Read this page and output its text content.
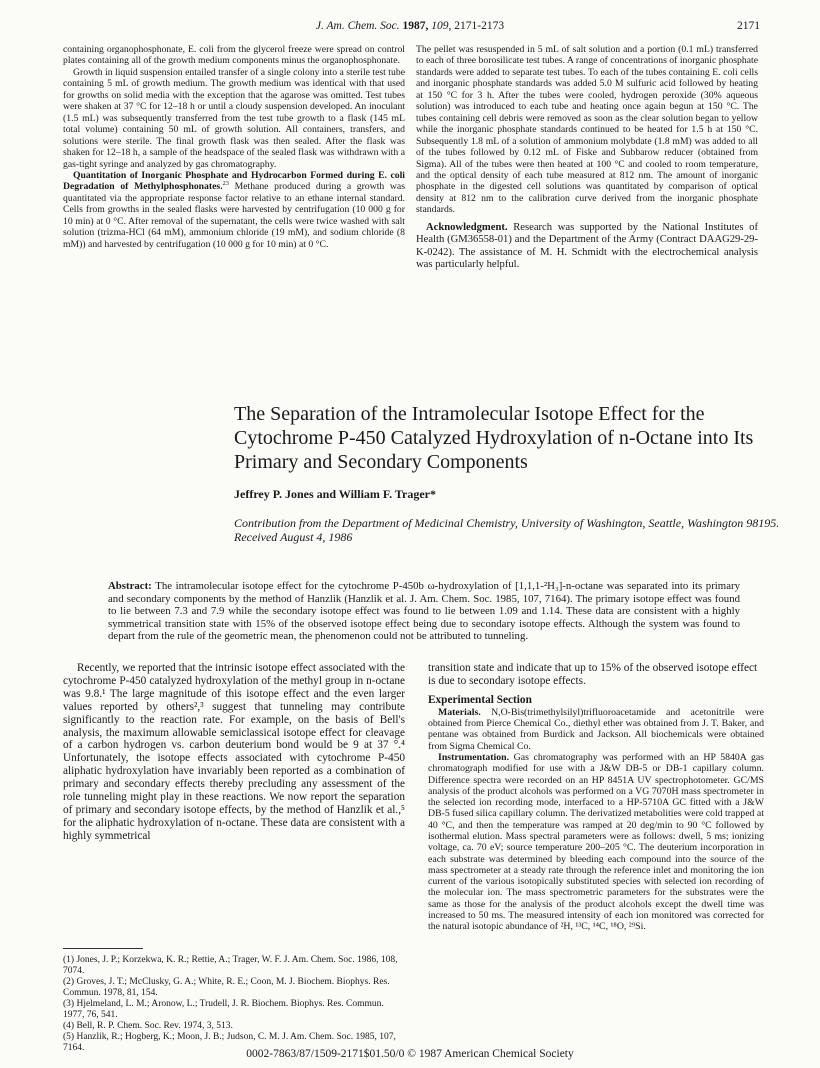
J. Am. Chem. Soc. 1987, 109, 2171-2173	2171

containing organophosphonate, E. coli from the glycerol freeze were spread on control plates containing all of the growth medium components minus the organophosphonate.

Growth in liquid suspension entailed transfer of a single colony into a sterile test tube containing 5 mL of growth medium. The growth medium was identical with that used for growths on solid media with the exception that the agarose was omitted. Test tubes were shaken at 37 °C for 12–18 h or until a cloudy suspension developed. An inoculant (1.5 mL) was subsequently transferred from the test tube growth to a flask (145 mL total volume) containing 50 mL of growth solution. All containers, transfers, and solutions were sterile. The final growth flask was then sealed. After the flask was shaken for 12–18 h, a sample of the headspace of the sealed flask was withdrawn with a gas-tight syringe and analyzed by gas chromatography.

Quantitation of Inorganic Phosphate and Hydrocarbon Formed during E. coli Degradation of Methylphosphonates.$^{23}$ Methane produced during a growth was quantitated via the appropriate response factor relative to an ethane internal standard. Cells from growths in the sealed flasks were harvested by centrifugation (10 000 g for 10 min) at 0 °C. After removal of the supernatant, the cells were twice washed with salt solution (trizma-HCl (64 mM), ammonium chloride (19 mM), and sodium chloride (8 mM)) and harvested by centrifugation (10 000 g for 10 min) at 0 °C.

The pellet was resuspended in 5 mL of salt solution and a portion (0.1 mL) transferred to each of three borosilicate test tubes. A range of concentrations of inorganic phosphate standards were added to separate test tubes. To each of the tubes containing E. coli cells and inorganic phosphate standards was added 5.0 M sulfuric acid followed by heating at 150 °C for 3 h. After the tubes were cooled, hydrogen peroxide (30% aqueous solution) was introduced to each tube and heating once again begun at 150 °C. The tubes containing cell debris were removed as soon as the clear solution began to yellow while the inorganic phosphate standards continued to be heated for 1.5 h at 150 °C. Subsequently 1.8 mL of a solution of ammonium molybdate (1.8 mM) was added to all of the tubes followed by 0.12 mL of Fiske and Subbarow reducer (obtained from Sigma). All of the tubes were then heated at 100 °C and cooled to room temperature, and the optical density of each tube measured at 812 nm. The amount of inorganic phosphate in the digested cell solutions was quantitated by comparison of optical density at 812 nm to the calibration curve derived from the inorganic phosphate standards.

Acknowledgment. Research was supported by the National Institutes of Health (GM36558-01) and the Department of the Army (Contract DAAG29-29-K-0242). The assistance of M. H. Schmidt with the electrochemical analysis was particularly helpful.

The Separation of the Intramolecular Isotope Effect for the Cytochrome P-450 Catalyzed Hydroxylation of n-Octane into Its Primary and Secondary Components
Jeffrey P. Jones and William F. Trager*
Contribution from the Department of Medicinal Chemistry, University of Washington, Seattle, Washington 98195. Received August 4, 1986
Abstract: The intramolecular isotope effect for the cytochrome P-450b ω-hydroxylation of [1,1,1-²H₃]-n-octane was separated into its primary and secondary components by the method of Hanzlik (Hanzlik et al. J. Am. Chem. Soc. 1985, 107, 7164). The primary isotope effect was found to lie between 7.3 and 7.9 while the secondary isotope effect was found to lie between 1.09 and 1.14. These data are consistent with a highly symmetrical transition state with 15% of the observed isotope effect being due to secondary isotope effects. Although the system was found to depart from the rule of the geometric mean, the phenomenon could not be attributed to tunneling.

Recently, we reported that the intrinsic isotope effect associated with the cytochrome P-450 catalyzed hydroxylation of the methyl group in n-octane was 9.8.¹ The large magnitude of this isotope effect and the even larger values reported by others²,³ suggest that tunneling may contribute significantly to the reaction rate. For example, on the basis of Bell's analysis, the maximum allowable semiclassical isotope effect for cleavage of a carbon hydrogen vs. carbon deuterium bond would be 9 at 37 °.⁴ Unfortunately, the isotope effects associated with cytochrome P-450 aliphatic hydroxylation have invariably been reported as a combination of primary and secondary effects thereby precluding any assessment of the role tunneling might play in these reactions. We now report the separation of primary and secondary isotope effects, by the method of Hanzlik et al.,⁵ for the aliphatic hydroxylation of n-octane. These data are consistent with a highly symmetrical

transition state and indicate that up to 15% of the observed isotope effect is due to secondary isotope effects.

Experimental Section

Materials. N,O-Bis(trimethylsilyl)trifluoroacetamide and acetonitrile were obtained from Pierce Chemical Co., diethyl ether was obtained from J. T. Baker, and pentane was obtained from Burdick and Jackson. All biochemicals were obtained from Sigma Chemical Co.

Instrumentation. Gas chromatography was performed with an HP 5840A gas chromatograph modified for use with a J&W DB-5 or DB-1 capillary column. Difference spectra were recorded on an HP 8451A UV spectrophotometer. GC/MS analysis of the product alcohols was performed on a VG 7070H mass spectrometer in the selected ion recording mode, interfaced to a HP-5710A GC fitted with a J&W DB-5 fused silica capillary column. The derivatized metabolities were cold trapped at 40 °C, and then the temperature was ramped at 20 deg/min to 90 °C followed by isothermal elution. Mass spectral parameters were as follows: dwell, 5 ms; ionizing voltage, ca. 70 eV; source temperature 200–205 °C. The deuterium incorporation in each substrate was determined by bleeding each compound into the source of the mass spectrometer at a steady rate through the reference inlet and monitoring the ion current of the various isotopically substituted species with selected ion recording of the molecular ion. The mass spectrometric parameters for the substrates were the same as those for the analysis of the product alcohols except the dwell time was increased to 50 ms. The measured intensity of each ion monitored was corrected for the natural isotopic abundance of ²H, ¹³C, ¹⁴C, ¹⁸O, ²⁹Si.

(1) Jones, J. P.; Korzekwa, K. R.; Rettie, A.; Trager, W. F. J. Am. Chem. Soc. 1986, 108, 7074.
(2) Groves, J. T.; McClusky, G. A.; White, R. E.; Coon, M. J. Biochem. Biophys. Res. Commun. 1978, 81, 154.
(3) Hjelmeland, L. M.; Aronow, L.; Trudell, J. R. Biochem. Biophys. Res. Commun. 1977, 76, 541.
(4) Bell, R. P. Chem. Soc. Rev. 1974, 3, 513.
(5) Hanzlik, R.; Hogberg, K.; Moon, J. B.; Judson, C. M. J. Am. Chem. Soc. 1985, 107, 7164.	0002-7863/87/1509-2171$01.50/0 © 1987 American Chemical Society
